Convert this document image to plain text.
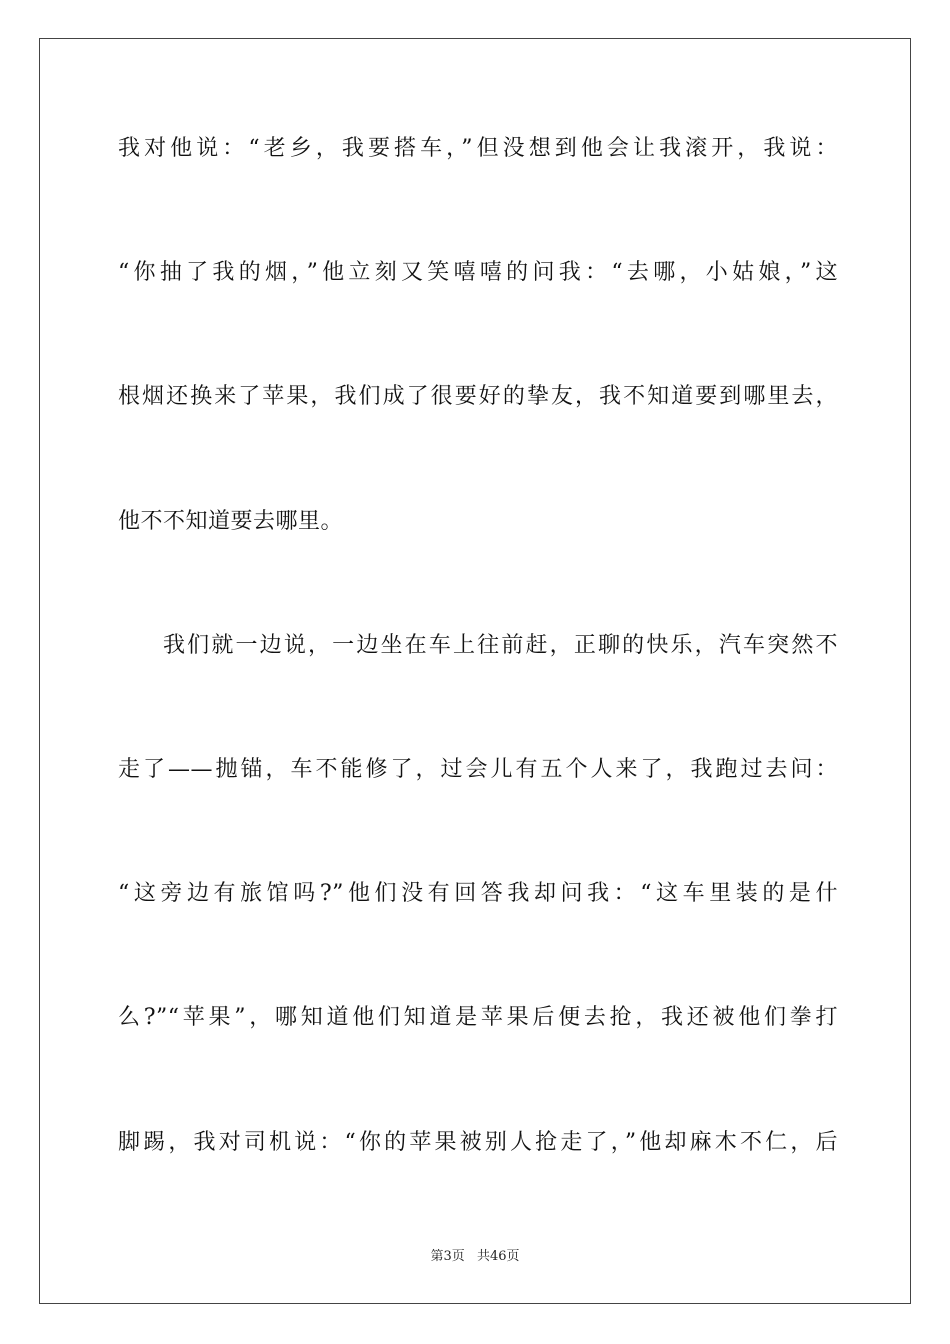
我对他说：“老乡，我要搭车，”但没想到他会让我滚开，我说：
“你抽了我的烟，”他立刻又笑嘻嘻的问我：“去哪，小姑娘，”这
根烟还换来了苹果，我们成了很要好的挚友，我不知道要到哪里去，
他不不知道要去哪里。
我们就一边说，一边坐在车上往前赶，正聊的快乐，汽车突然不
走了——抛锚，车不能修了，过会儿有五个人来了，我跑过去问：
“这旁边有旅馆吗?”他们没有回答我却问我：“这车里装的是什
么?”“苹果”，哪知道他们知道是苹果后便去抢，我还被他们拳打
脚踢，我对司机说：“你的苹果被别人抢走了，”他却麻木不仁，后
第3页 共46页
